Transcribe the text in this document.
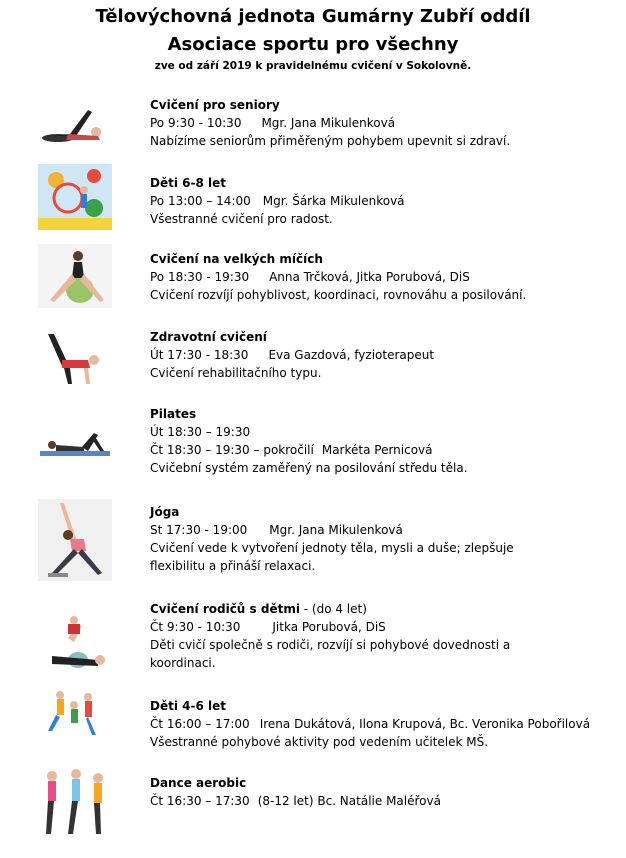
Tělovýchovná jednota Gumárny Zubří oddíl
Asociace sportu pro všechny

zve od září 2019 k pravidelnému cvičení v Sokolovně.

Cvičení pro seniory
Po 9:30 - 10:30 Mgr. Jana Mikulenková
Nabízíme seniorům přiměřeným pohybem upevnit si zdraví.
Děti 6-8 let
Po 13:00 – 14:00 Mgr. Šárka Mikulenková
Všestranné cvičení pro radost.
Cvičení na velkých míčích
Po 18:30 - 19:30 Anna Trčková, Jitka Porubová, DiS
Cvičení rozvíjí pohyblivost, koordinaci, rovnováhu a posilování.
Zdravotní cvičení
Út 17:30 - 18:30 Eva Gazdová, fyzioterapeut
Cvičení rehabilitačního typu.
Pilates
Út 18:30 – 19:30
Čt 18:30 – 19:30 – pokročilí Markéta Pernicová
Cvičební systém zaměřený na posilování středu těla.
Jóga
St 17:30 - 19:00 Mgr. Jana Mikulenková
Cvičení vede k vytvoření jednoty těla, mysli a duše; zlepšuje flexibilitu a přináší relaxaci.
Cvičení rodičů s dětmi - (do 4 let)
Čt 9:30 - 10:30	Jitka Porubová, DiS
Děti cvičí společně s rodiči, rozvíjí si pohybové dovednosti a koordinaci.
Děti 4-6 let
Čt 16:00 – 17:00 Irena Dukátová, Ilona Krupová, Bc. Veronika Pobořilová
Všestranné pohybové aktivity pod vedením učitelek MŠ.
Dance aerobic
Čt 16:30 – 17:30 (8-12 let) Bc. Natálie Maléřová
